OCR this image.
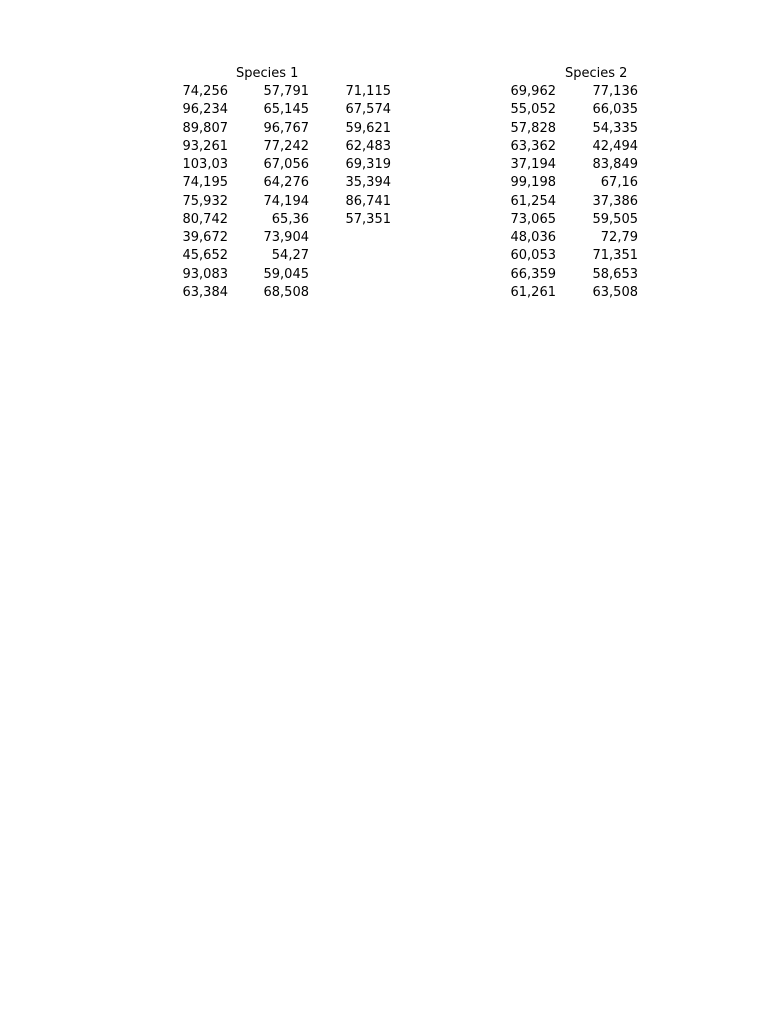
Species 1	Species 2
74,256
96,234
89,807
93,261
103,03
74,195
75,932
80,742
39,672
45,652
93,083
63,384
57,791
65,145
96,767
77,242
67,056
64,276
74,194
65,36
73,904
54,27
59,045
68,508
71,115
67,574
59,621
62,483
69,319
35,394
86,741
57,351
69,962
55,052
57,828
63,362
37,194
99,198
61,254
73,065
48,036
60,053
66,359
61,261
77,136
66,035
54,335
42,494
83,849
67,16
37,386
59,505
72,79
71,351
58,653
63,508
